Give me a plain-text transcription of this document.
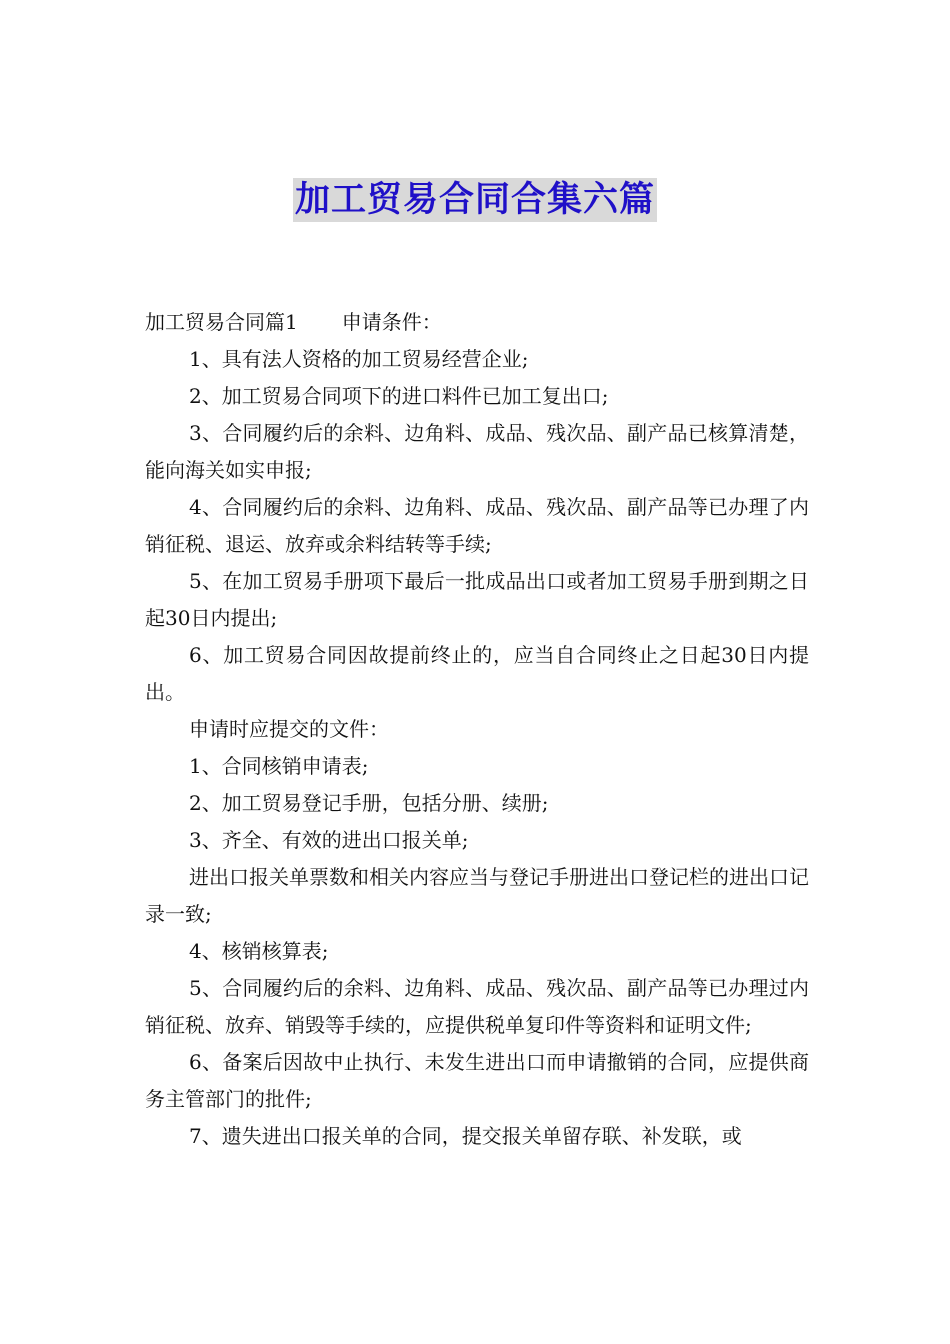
加工贸易合同合集六篇

加工贸易合同篇1 申请条件：

1、具有法人资格的加工贸易经营企业;

2、加工贸易合同项下的进口料件已加工复出口;

3、合同履约后的余料、边角料、成品、残次品、副产品已核算清楚，能向海关如实申报;

4、合同履约后的余料、边角料、成品、残次品、副产品等已办理了内销征税、退运、放弃或余料结转等手续;

5、在加工贸易手册项下最后一批成品出口或者加工贸易手册到期之日起30日内提出;

6、加工贸易合同因故提前终止的，应当自合同终止之日起30日内提出。

申请时应提交的文件：

1、合同核销申请表;

2、加工贸易登记手册，包括分册、续册;

3、齐全、有效的进出口报关单;

进出口报关单票数和相关内容应当与登记手册进出口登记栏的进出口记录一致;

4、核销核算表;

5、合同履约后的余料、边角料、成品、残次品、副产品等已办理过内销征税、放弃、销毁等手续的，应提供税单复印件等资料和证明文件;

6、备案后因故中止执行、未发生进出口而申请撤销的合同，应提供商务主管部门的批件;

7、遗失进出口报关单的合同，提交报关单留存联、补发联，或
